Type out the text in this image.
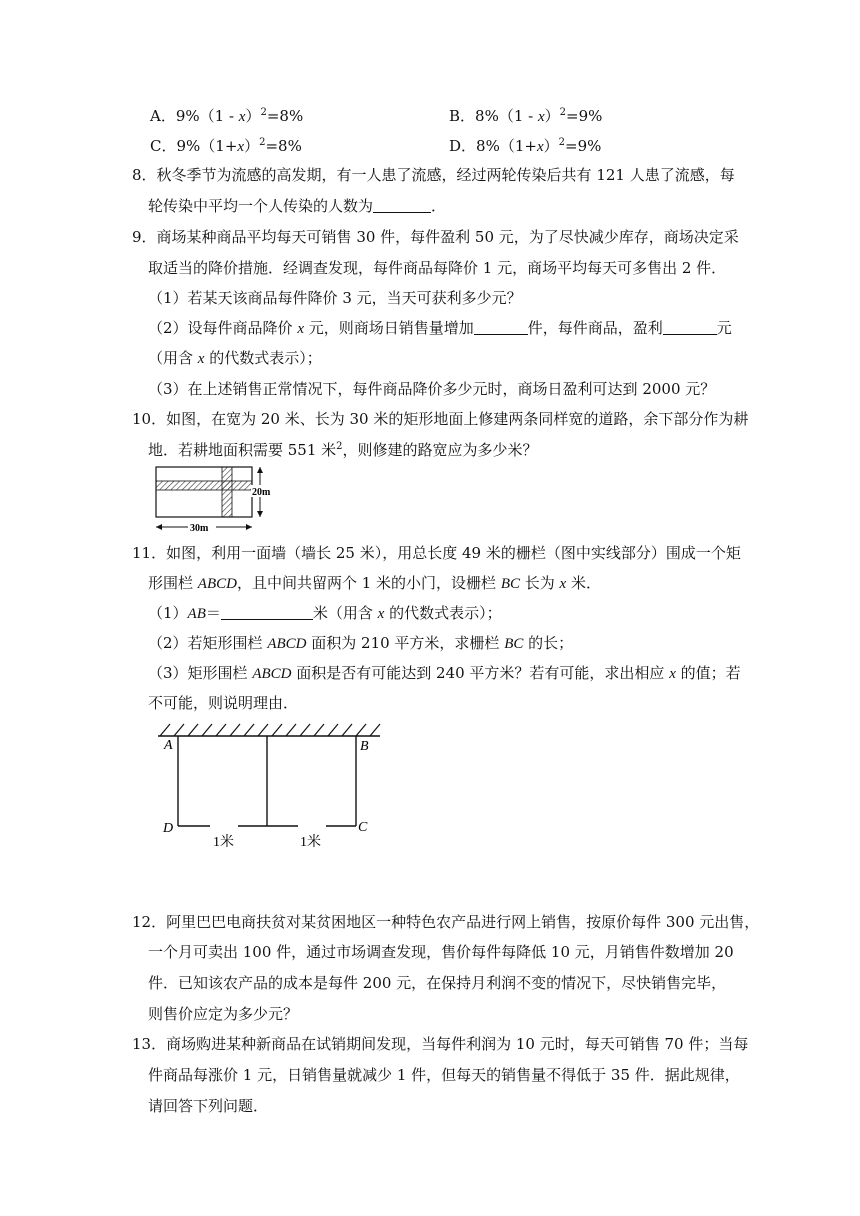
A．9%（1 - x）$^2$=8%	B．8%（1 - x）$^2$=9%
C．$9\%(1+x)^2=8\%$	D．$8\%(1+x)^2=9\%$
8．秋冬季节为流感的高发期，有一人患了流感，经过两轮传染后共有 121 人患了流感，每
轮传染中平均一个人传染的人数为	．
9．商场某种商品平均每天可销售 30 件，每件盈利 50 元，为了尽快减少库存，商场决定采
取适当的降价措施．经调查发现，每件商品每降价 1 元，商场平均每天可多售出 2 件．
（1）若某天该商品每件降价 3 元，当天可获利多少元？
（2）设每件商品降价 x 元，则商场日销售量增加	件，每件商品，盈利	元
（用含 x 的代数式表示）；
（3）在上述销售正常情况下，每件商品降价多少元时，商场日盈利可达到 2000 元？
10．如图，在宽为 20 米、长为 30 米的矩形地面上修建两条同样宽的道路，余下部分作为耕
地．若耕地面积需要 551 米$^2$，则修建的路宽应为多少米？
20m
30m
11．如图，利用一面墙（墙长 25 米），用总长度 49 米的栅栏（图中实线部分）围成一个矩
形围栏 ABCD，且中间共留两个 1 米的小门，设栅栏 BC 长为 x 米．
（1）AB＝	米（用含 x 的代数式表示）；
（2）若矩形围栏 ABCD 面积为 210 平方米，求栅栏 BC 的长；
（3）矩形围栏 ABCD 面积是否有可能达到 240 平方米？若有可能，求出相应 x 的值；若
不可能，则说明理由．
A	B
C
D
1米	1米
12．阿里巴巴电商扶贫对某贫困地区一种特色农产品进行网上销售，按原价每件 300 元出售，
一个月可卖出 100 件，通过市场调查发现，售价每件每降低 10 元，月销售件数增加 20
件．已知该农产品的成本是每件 200 元，在保持月利润不变的情况下，尽快销售完毕，
则售价应定为多少元？
13．商场购进某种新商品在试销期间发现，当每件利润为 10 元时，每天可销售 70 件；当每
件商品每涨价 1 元，日销售量就减少 1 件，但每天的销售量不得低于 35 件．据此规律，
请回答下列问题．
